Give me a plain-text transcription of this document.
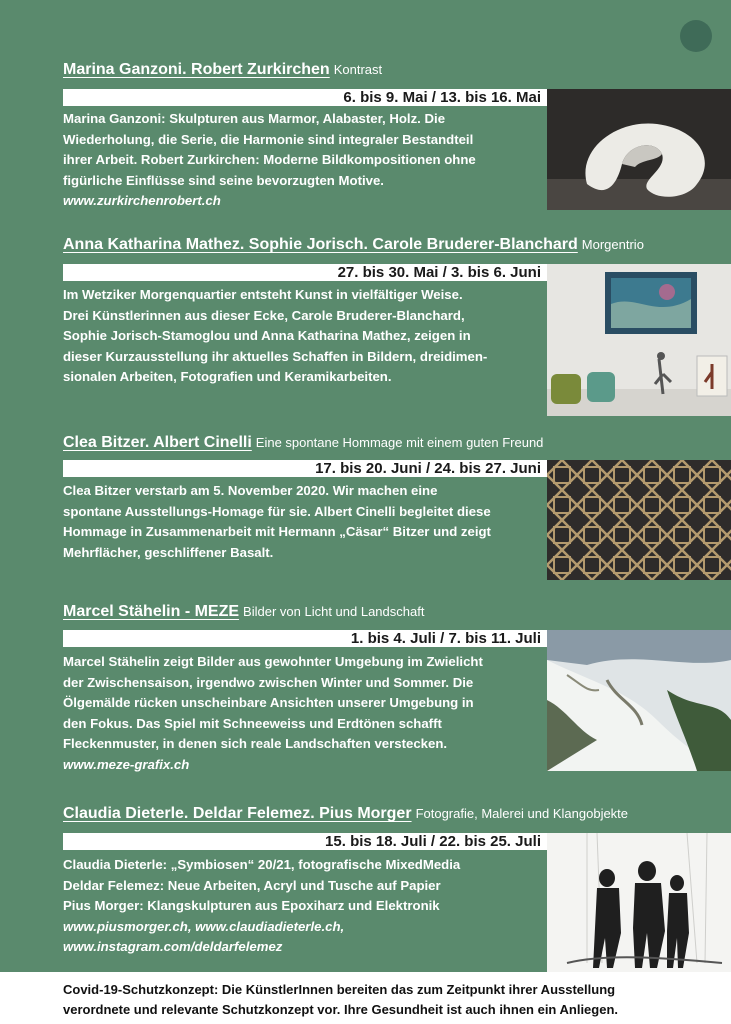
Marina Ganzoni. Robert Zurkirchen Kontrast
6. bis 9. Mai / 13. bis 16. Mai
Marina Ganzoni: Skulpturen aus Marmor, Alabaster, Holz. Die
Wiederholung, die Serie, die Harmonie sind integraler Bestandteil
ihrer Arbeit. Robert Zurkirchen: Moderne Bildkompositionen ohne
figürliche Einflüsse sind seine bevorzugten Motive.
www.zurkirchenrobert.ch
Anna Katharina Mathez. Sophie Jorisch. Carole Bruderer-Blanchard Morgentrio
27. bis 30. Mai / 3. bis 6. Juni
Im Wetziker Morgenquartier entsteht Kunst in vielfältiger Weise.
Drei Künstlerinnen aus dieser Ecke, Carole Bruderer-Blanchard,
Sophie Jorisch-Stamoglou und Anna Katharina Mathez, zeigen in
dieser Kurzausstellung ihr aktuelles Schaffen in Bildern, dreidimen-
sionalen Arbeiten, Fotografien und Keramikarbeiten.
Clea Bitzer. Albert Cinelli Eine spontane Hommage mit einem guten Freund
17. bis 20. Juni / 24. bis 27. Juni
Clea Bitzer verstarb am 5. November 2020. Wir machen eine
spontane Ausstellungs-Homage für sie. Albert Cinelli begleitet diese
Hommage in Zusammenarbeit mit Hermann „Cäsar“ Bitzer und zeigt
Mehrflächer, geschliffener Basalt.
Marcel Stähelin - MEZE Bilder von Licht und Landschaft
1. bis 4. Juli / 7. bis 11. Juli
Marcel Stähelin zeigt Bilder aus gewohnter Umgebung im Zwielicht
der Zwischensaison, irgendwo zwischen Winter und Sommer. Die
Ölgemälde rücken unscheinbare Ansichten unserer Umgebung in
den Fokus. Das Spiel mit Schneeweiss und Erdtönen schafft
Fleckenmuster, in denen sich reale Landschaften verstecken.
www.meze-grafix.ch
Claudia Dieterle. Deldar Felemez. Pius Morger Fotografie, Malerei und Klangobjekte
15. bis 18. Juli / 22. bis 25. Juli
Claudia Dieterle: „Symbiosen“ 20/21, fotografische MixedMedia
Deldar Felemez: Neue Arbeiten, Acryl und Tusche auf Papier
Pius Morger: Klangskulpturen aus Epoxiharz und Elektronik
www.piusmorger.ch, www.claudiadieterle.ch,
www.instagram.com/deldarfelemez
Covid-19-Schutzkonzept: Die KünstlerInnen bereiten das zum Zeitpunkt ihrer Ausstellung
verordnete und relevante Schutzkonzept vor. Ihre Gesundheit ist auch ihnen ein Anliegen.
